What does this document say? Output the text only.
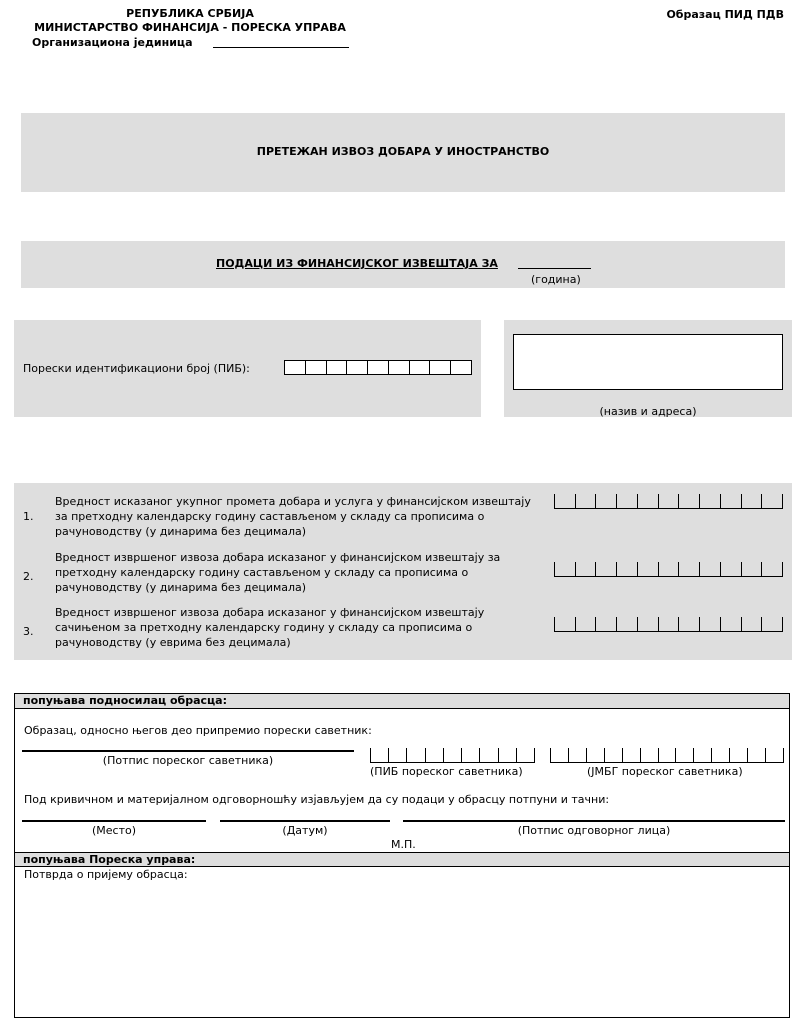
РЕПУБЛИКА СРБИЈА
МИНИСТАРСТВО ФИНАНСИЈА - ПОРЕСКА УПРАВА
Организациона јединица
Образац ПИД ПДВ
ПРЕТЕЖАН ИЗВОЗ ДОБАРА У ИНОСТРАНСТВО
ПОДАЦИ ИЗ ФИНАНСИЈСКОГ ИЗВЕШТАЈА ЗА
(година)
Порески идентификациони број (ПИБ):
(назив и адреса)
1.
Вредност исказаног укупног промета добара и услуга у финансијском извештају
за претходну календарску годину састављеном у складу са прописима о
рачуноводству (у динарима без децимала)
2.
Вредност извршеног извоза добара исказаног у финансијском извештају за
претходну календарску годину састављеном у складу са прописима о
рачуноводству (у динарима без децимала)
3.
Вредност извршеног извоза добара исказаног у финансијском извештају
сачињеном за претходну календарску годину у складу са прописима о
рачуноводству (у еврима без децимала)
попуњава подносилац обрасца:
Образац, односно његов део припремио порески саветник:
(Потпис пореског саветника)
(ПИБ пореског саветника)	(ЈМБГ пореског саветника)
Под кривичном и материјалном одговорношћу изјављујем да су подаци у обрасцу потпуни и тачни:
(Место)	(Датум)	(Потпис одговорног лица)
М.П.
попуњава Пореска управа:
Потврда о пријему обрасца:
